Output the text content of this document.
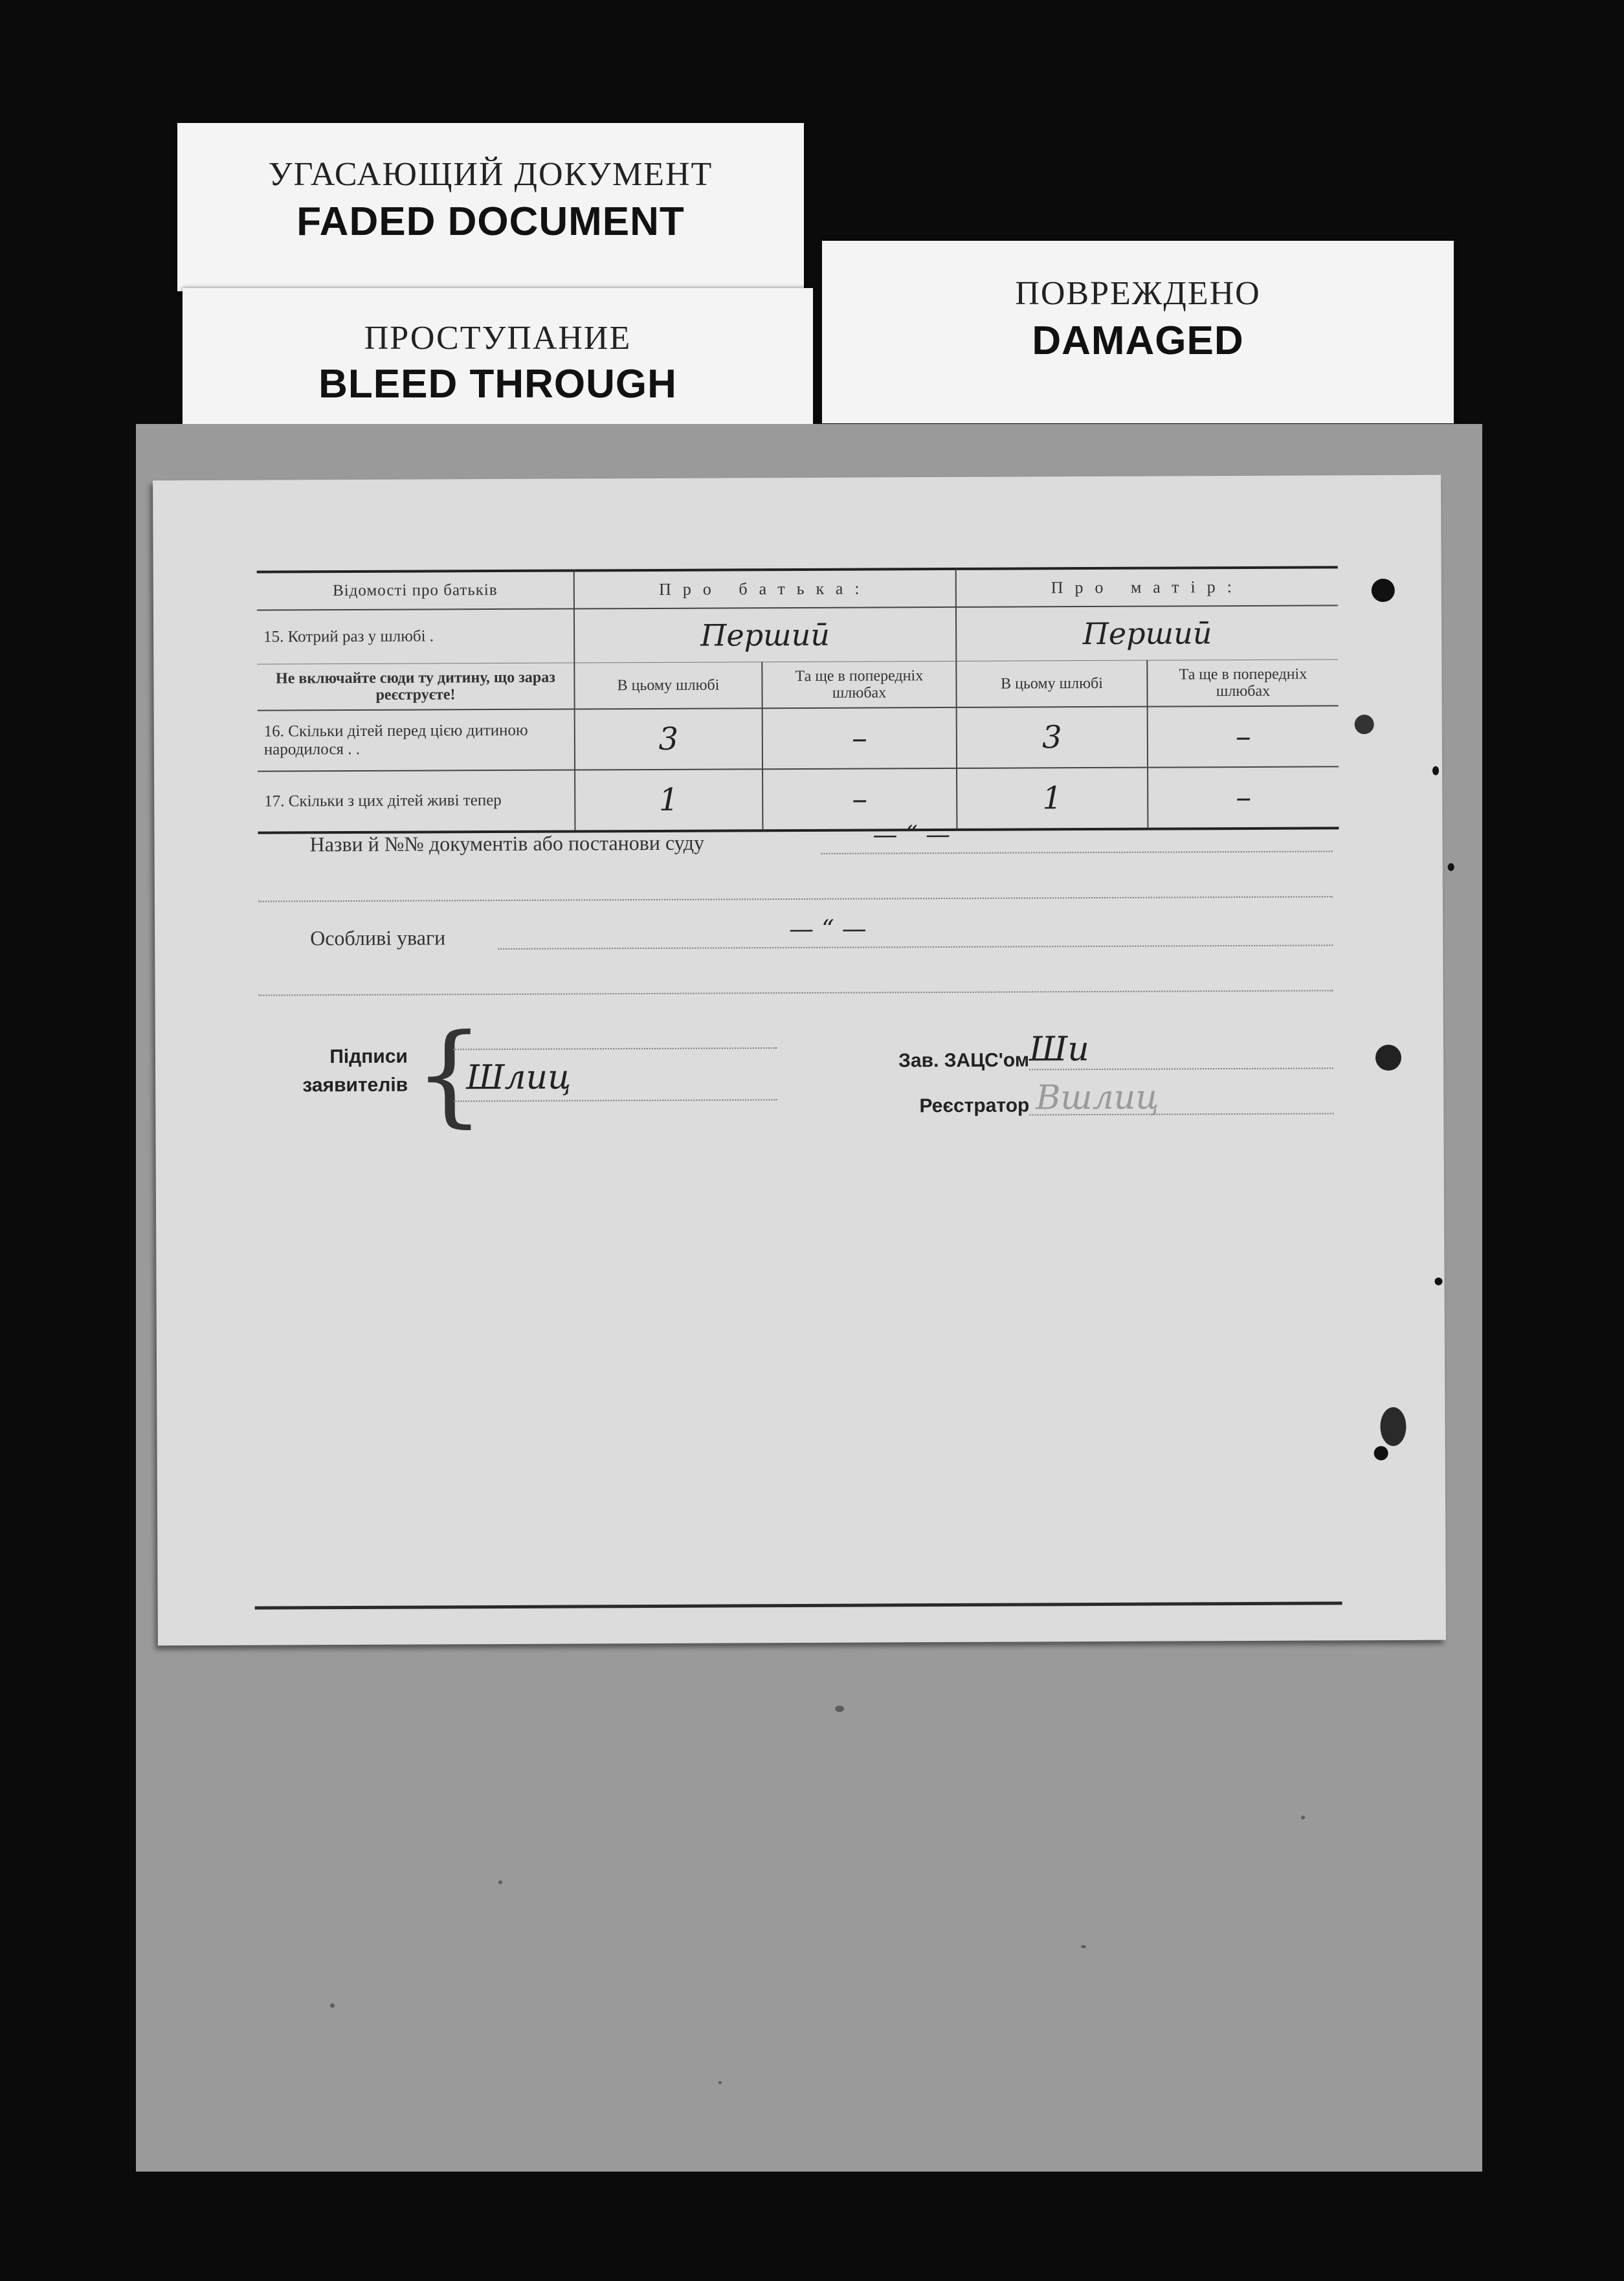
УГАСАЮЩИЙ ДОКУМЕНТ
FADED DOCUMENT
ПОВРЕЖДЕНО
DAMAGED
ПРОСТУПАНИЕ
BLEED THROUGH
Відомості про батьків	Про батька:		Про матір:	
15. Котрий раз у шлюбі .	Першиӣ		Першиӣ	
Не включайте сюди ту дитину, що зараз реєструєте!	В цьому шлюбі	Та ще в попередніх шлюбах	В цьому шлюбі	Та ще в попередніх шлюбах
16. Скільки дітей перед цією дитиною народилося . .	3	–	3	–
17. Скільки з цих дітей живі тепер	1	–	1	–
Назви й №№ документів або постанови суду	— “ —
Особливі уваги	— “ —
Підписи
заявителів {
Шлиц	Зав. ЗАЦС'ом Ши
Реєстратор Вшлиц
